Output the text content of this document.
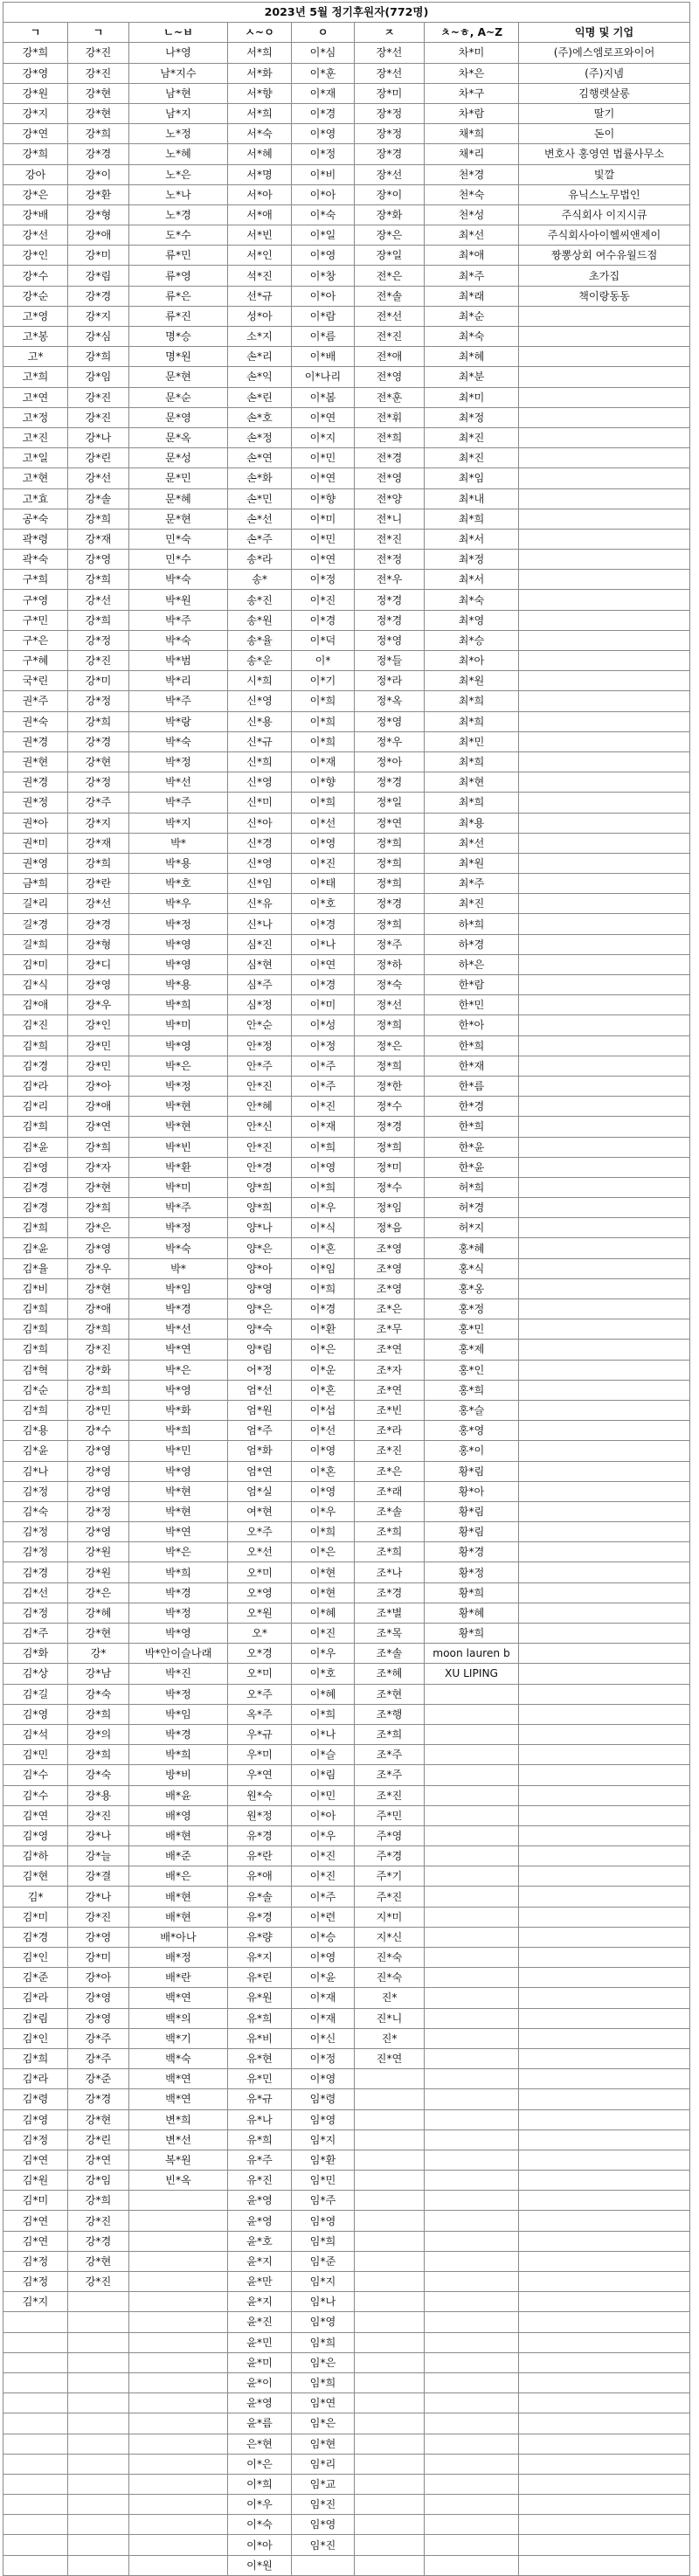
2023년 5월 정기후원자(772명)							
ㄱ	ㄱ	ㄴ~ㅂ	ㅅ~ㅇ	ㅇ	ㅈ	ㅊ~ㅎ, A~Z	익명 및 기업
강*희	강*진	나*영	서*희	이*심	장*선	차*미	(주)에스엠로프와이어
강*영	강*진	남*지수	서*화	이*훈	장*선	차*은	(주)지넴
강*원	강*현	남*현	서*향	이*재	장*미	차*구	김행렛살롱
강*지	강*현	남*지	서*희	이*경	장*정	차*람	딸기
강*연	강*희	노*정	서*숙	이*영	장*정	채*희	돈이
강*희	강*경	노*혜	서*혜	이*정	장*경	채*리	변호사 홍영연 법률사무소
강아	강*이	노*은	서*명	이*비	장*선	천*경	빛깔
강*은	강*환	노*나	서*아	이*아	장*이	천*숙	유닉스노무법인
강*배	강*형	노*경	서*애	이*숙	장*화	천*성	주식회사 이지시큐
강*선	강*애	도*수	서*빈	이*일	장*은	최*선	주식회사아이헬씨앤제이
강*인	강*미	류*민	서*인	이*영	장*일	최*애	짱뽕상회 여수유월드점
강*수	강*림	류*영	석*진	이*창	전*은	최*주	초가집
강*순	강*경	류*은	선*규	이*아	전*솔	최*래	책이랑동동
고*영	강*지	류*진	성*아	이*람	전*선	최*순	
고*봉	강*심	명*승	소*지	이*름	전*진	최*숙	
고*	강*희	명*원	손*리	이*배	전*애	최*혜	
고*희	강*임	문*현	손*익	이*나리	전*영	최*분	
고*연	강*진	문*순	손*린	이*봄	전*훈	최*미	
고*정	강*진	문*영	손*호	이*연	전*휘	최*정	
고*진	강*나	문*옥	손*정	이*지	전*희	최*진	
고*일	강*린	문*성	손*연	이*민	전*경	최*진	
고*현	강*선	문*민	손*화	이*연	전*영	최*임	
고*효	강*솔	문*혜	손*민	이*향	전*양	최*내	
공*숙	강*희	문*현	손*선	이*미	전*니	최*희	
곽*령	강*재	민*숙	손*주	이*민	전*진	최*서	
곽*숙	강*영	민*수	송*라	이*연	전*정	최*정	
구*희	강*희	박*숙	송*	이*정	전*우	최*서	
구*영	강*선	박*원	송*진	이*진	정*경	최*숙	
구*민	강*희	박*주	송*원	이*경	정*경	최*영	
구*은	강*정	박*숙	송*율	이*덕	정*영	최*승	
구*혜	강*진	박*범	송*운	이*	정*들	최*아	
국*린	강*미	박*리	시*희	이*기	정*라	최*원	
권*주	강*정	박*주	신*영	이*희	정*옥	최*희	
권*숙	강*희	박*랑	신*용	이*희	정*영	최*희	
권*경	강*경	박*숙	신*규	이*희	정*우	최*민	
권*현	강*현	박*정	신*희	이*재	정*아	최*희	
권*경	강*정	박*선	신*영	이*향	정*경	최*현	
권*정	강*주	박*주	신*미	이*희	정*일	최*희	
권*아	강*지	박*지	신*아	이*선	정*연	최*용	
권*미	강*재	박*	신*경	이*영	정*희	최*선	
권*영	강*희	박*용	신*영	이*진	정*희	최*원	
금*희	강*란	박*호	신*임	이*태	정*희	최*주	
길*리	강*선	박*우	신*유	이*호	정*경	최*진	
길*경	강*경	박*정	신*나	이*경	정*희	하*희	
길*희	강*형	박*영	심*진	이*나	정*주	하*경	
김*미	강*디	박*영	심*현	이*연	정*하	하*은	
김*식	강*영	박*용	심*주	이*경	정*숙	한*람	
김*애	강*우	박*희	심*정	이*미	정*선	한*민	
김*진	강*인	박*미	안*순	이*성	정*희	한*아	
김*희	강*민	박*영	안*정	이*정	정*은	한*희	
김*경	강*민	박*은	안*주	이*주	정*희	한*재	
김*라	강*아	박*정	안*진	이*주	정*한	한*름	
김*리	강*애	박*현	안*혜	이*진	정*수	한*경	
김*희	강*연	박*현	안*신	이*재	정*경	한*희	
김*윤	강*희	박*빈	안*진	이*희	정*희	한*윤	
김*영	강*자	박*환	안*경	이*영	정*미	한*윤	
김*경	강*현	박*미	양*희	이*희	정*수	허*희	
김*경	강*희	박*주	양*희	이*우	정*임	허*경	
김*희	강*은	박*정	양*나	이*식	정*음	허*지	
김*윤	강*영	박*숙	양*은	이*혼	조*영	홍*혜	
김*율	강*우	박*	양*아	이*임	조*영	홍*식	
김*비	강*현	박*임	양*영	이*희	조*영	홍*옹	
김*희	강*애	박*경	양*은	이*경	조*은	홍*정	
김*희	강*희	박*선	양*숙	이*환	조*무	홍*민	
김*희	강*진	박*연	양*림	이*은	조*연	홍*제	
김*혁	강*화	박*은	어*정	이*운	조*자	홍*인	
김*순	강*희	박*영	엄*선	이*혼	조*연	홍*희	
김*희	강*민	박*화	엄*원	이*섭	조*빈	홍*슬	
김*용	강*수	박*희	엄*주	이*선	조*라	홍*영	
김*윤	강*영	박*민	엄*화	이*영	조*진	홍*이	
김*나	강*영	박*영	엄*연	이*혼	조*은	황*림	
김*정	강*영	박*현	엄*실	이*영	조*래	황*아	
김*숙	강*정	박*현	여*현	이*우	조*솔	황*림	
김*정	강*영	박*연	오*주	이*희	조*희	황*림	
김*정	강*원	박*은	오*선	이*은	조*희	황*경	
김*경	강*원	박*희	오*미	이*현	조*나	황*정	
김*선	강*은	박*경	오*영	이*현	조*경	황*희	
김*정	강*혜	박*정	오*원	이*혜	조*별	황*혜	
김*주	강*현	박*영	오*	이*진	조*목	황*희	
김*화	강*	박*안이슬나래	오*경	이*우	조*솔	moon lauren b	
김*상	강*남	박*진	오*미	이*호	조*혜	XU LIPING	
김*길	강*숙	박*정	오*주	이*혜	조*현		
김*영	강*희	박*임	옥*주	이*희	조*행		
김*석	강*의	박*경	우*규	이*나	조*희		
김*민	강*희	박*희	우*미	이*슬	조*주		
김*수	강*숙	방*비	우*연	이*림	조*주		
김*수	강*용	배*윤	원*숙	이*민	조*진		
김*연	강*진	배*영	원*정	이*아	주*민		
김*영	강*나	배*현	유*경	이*우	주*영		
김*하	강*늘	배*준	유*란	이*진	주*경		
김*현	강*결	배*은	유*애	이*진	주*기		
김*	강*나	배*현	유*솔	이*주	주*진		
김*미	강*진	배*현	유*경	이*련	지*미		
김*경	강*영	배*아나	유*량	이*승	지*신		
김*인	강*미	배*정	유*지	이*영	진*숙		
김*준	강*아	배*란	유*린	이*윤	진*숙		
김*라	강*영	백*연	유*원	이*재	진*		
김*림	강*영	백*의	유*희	이*재	진*니		
김*인	강*주	백*기	유*비	이*신	진*		
김*희	강*주	백*숙	유*현	이*정	진*연		
김*라	강*준	백*연	유*민	이*영			
김*령	강*경	백*연	유*규	임*령			
김*영	강*현	변*희	유*나	임*영			
김*정	강*린	변*선	유*희	임*지			
김*연	강*연	복*원	유*주	임*환			
김*원	강*임	빈*옥	유*진	임*민			
김*미	강*희		윤*영	임*주			
김*연	강*진		윤*영	임*영			
김*연	강*경		윤*호	임*희			
김*정	강*현		윤*지	임*준			
김*정	강*진		윤*만	임*지			
김*지			윤*지	임*나			
			윤*진	임*영			
			윤*민	임*희			
			윤*미	임*은			
			윤*이	임*희			
			윤*영	임*연			
			윤*름	임*은			
			은*현	임*현			
			이*은	임*리			
			이*희	임*교			
			이*우	임*진			
			이*숙	임*영			
			이*아	임*진			
			이*원				
